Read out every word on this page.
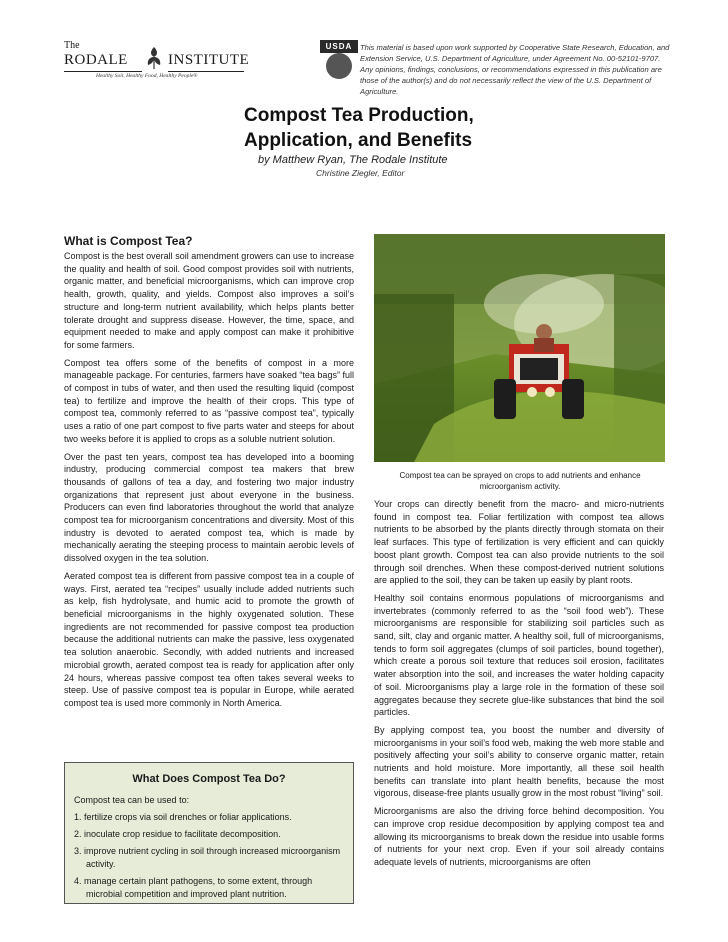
The
RODALE	INSTITUTE
Healthy Soil, Healthy Food, Healthy People®
USDA	This material is based upon work supported by Cooperative State Research, Education, and Extension Service, U.S. Department of Agriculture, under Agreement No. 00-52101-9707. Any opinions, findings, conclusions, or recommendations expressed in this publication are those of the author(s) and do not necessarily reflect the view of the U.S. Department of Agriculture.
Compost Tea Production,
Application, and Benefits
by Matthew Ryan, The Rodale Institute
Christine Ziegler, Editor
What is Compost Tea?

Compost is the best overall soil amendment growers can use to increase the quality and health of soil. Good compost provides soil with nutrients, organic matter, and beneficial microorganisms, which can improve crop health, growth, quality, and yields. Compost also improves a soil’s structure and long-term nutrient availability, which helps plants better tolerate drought and suppress disease. However, the time, space, and equipment needed to make and apply compost can make it prohibitive for some farmers.

Compost tea offers some of the benefits of compost in a more manageable package. For centuries, farmers have soaked “tea bags” full of compost in tubs of water, and then used the resulting liquid (compost tea) to fertilize and improve the health of their crops. This type of compost tea, commonly referred to as “passive compost tea”, typically uses a ratio of one part compost to five parts water and steeps for about two weeks before it is applied to crops as a soluble nutrient solution.

Over the past ten years, compost tea has developed into a booming industry, producing commercial compost tea makers that brew thousands of gallons of tea a day, and fostering two major industry organizations that represent just about everyone in the business. Producers can even find laboratories throughout the world that analyze compost tea for microorganism concentrations and diversity. Most of this industry is devoted to aerated compost tea, which is made by mechanically aerating the steeping process to maintain aerobic levels of dissolved oxygen in the tea solution.

Aerated compost tea is different from passive compost tea in a couple of ways. First, aerated tea “recipes” usually include added nutrients such as kelp, fish hydrolysate, and humic acid to promote the growth of beneficial microorganisms in the highly oxygenated solution. These ingredients are not recommended for passive compost tea production because the additional nutrients can make the passive, less oxygenated tea solution anaerobic. Secondly, with added nutrients and increased microbial growth, aerated compost tea is ready for application after only 24 hours, whereas passive compost tea often takes several weeks to steep. Use of passive compost tea is popular in Europe, while aerated compost tea is used more commonly in North America.

Compost tea can be sprayed on crops to add nutrients and enhance microorganism activity.

Your crops can directly benefit from the macro- and micro-nutrients found in compost tea. Foliar fertilization with compost tea allows nutrients to be absorbed by the plants directly through stomata on their leaf surfaces. This type of fertilization is very efficient and can quickly boost plant growth. Compost tea can also provide nutrients to the soil through soil drenches. When these compost-derived nutrient solutions are applied to the soil, they can be taken up easily by plant roots.

Healthy soil contains enormous populations of microorganisms and invertebrates (commonly referred to as the “soil food web”). These microorganisms are responsible for stabilizing soil particles such as sand, silt, clay and organic matter. A healthy soil, full of microorganisms, tends to form soil aggregates (clumps of soil particles, bound together), which create a porous soil texture that reduces soil erosion, facilitates water absorption into the soil, and increases the water holding capacity of soil. Microorganisms play a large role in the formation of these soil aggregates because they secrete glue-like substances that bind the soil particles.

By applying compost tea, you boost the number and diversity of microorganisms in your soil’s food web, making the web more stable and positively affecting your soil’s ability to conserve organic matter, retain nutrients and hold moisture. More importantly, all these soil health benefits can translate into plant health benefits, because the most vigorous, disease-free plants usually grow in the most robust “living” soil.

Microorganisms are also the driving force behind decomposition. You can improve crop residue decomposition by applying compost tea and allowing its microorganisms to break down the residue into usable forms of nutrients for your next crop. Even if your soil already contains adequate levels of nutrients, microorganisms are often

What Does Compost Tea Do?
Compost tea can be used to:
1. fertilize crops via soil drenches or foliar applications.
2. inoculate crop residue to facilitate decomposition.
3. improve nutrient cycling in soil through increased microorganism activity.
4. manage certain plant pathogens, to some extent, through microbial competition and improved plant nutrition.
